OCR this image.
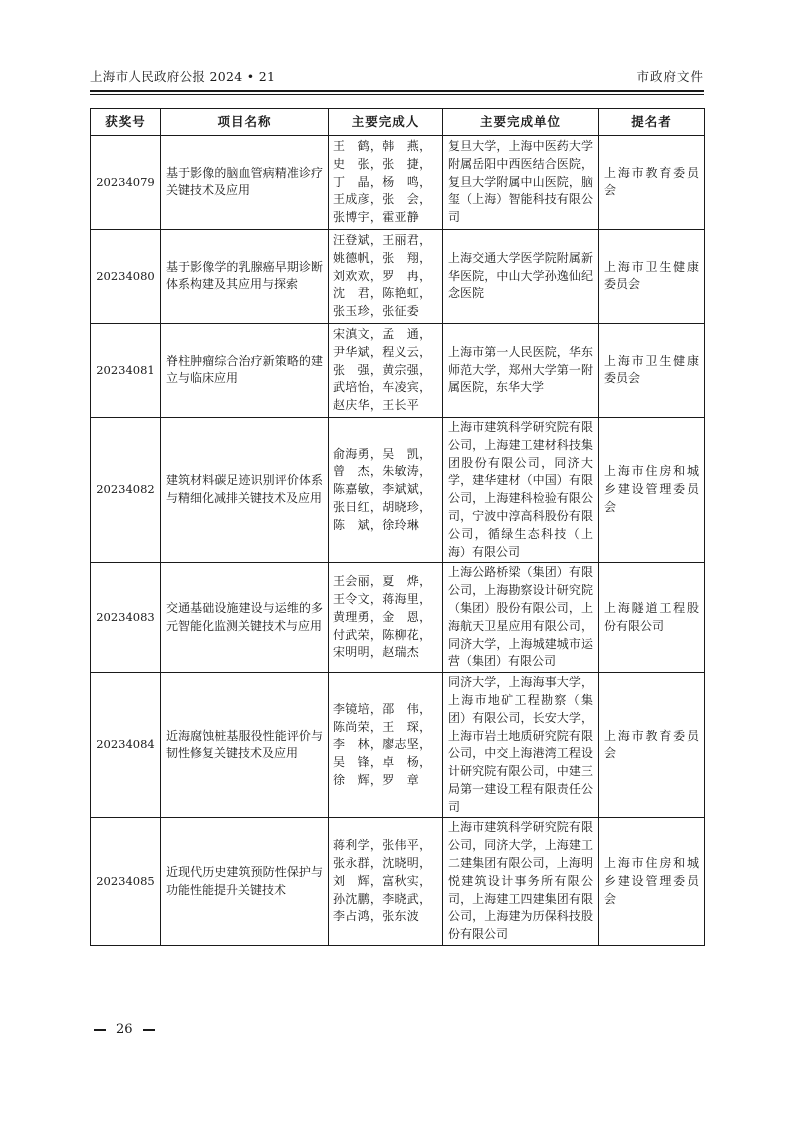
上海市人民政府公报 2024 • 21	市政府文件
获奖号	项目名称	主要完成人	主要完成单位	提名者
20234079	基于影像的脑血管病精准诊疗关键技术及应用	王　鹤，韩　燕，
史　张，张　捷，
丁　晶，杨　鸣，
王成彦，张　会，
张博宇，霍亚静	复旦大学，上海中医药大学附属岳阳中西医结合医院，复旦大学附属中山医院，脑玺（上海）智能科技有限公司	上海市教育委员会
20234080	基于影像学的乳腺癌早期诊断体系构建及其应用与探索	汪登斌，王丽君，
姚德帆，张　翔，
刘欢欢，罗　冉，
沈　君，陈艳虹，
张玉珍，张征委	上海交通大学医学院附属新华医院，中山大学孙逸仙纪念医院	上海市卫生健康委员会
20234081	脊柱肿瘤综合治疗新策略的建立与临床应用	宋滇文，孟　通，
尹华斌，程义云，
张　强，黄宗强，
武培怡，车凌宾，
赵庆华，王长平	上海市第一人民医院，华东师范大学，郑州大学第一附属医院，东华大学	上海市卫生健康委员会
20234082	建筑材料碳足迹识别评价体系与精细化减排关键技术及应用	俞海勇，吴　凯，
曾　杰，朱敏涛，
陈嘉敏，李斌斌，
张日红，胡晓珍，
陈　斌，徐玲琳	上海市建筑科学研究院有限公司，上海建工建材科技集团股份有限公司，同济大学，建华建材（中国）有限公司，上海建科检验有限公司，宁波中淳高科股份有限公司，循绿生态科技（上海）有限公司	上海市住房和城乡建设管理委员会
20234083	交通基础设施建设与运维的多元智能化监测关键技术与应用	王会丽，夏　烨，
王令文，蒋海里，
黄理勇，金　恩，
付武荣，陈柳花，
宋明明，赵瑞杰	上海公路桥梁（集团）有限公司，上海勘察设计研究院（集团）股份有限公司，上海航天卫星应用有限公司，同济大学，上海城建城市运营（集团）有限公司	上海隧道工程股份有限公司
20234084	近海腐蚀桩基服役性能评价与韧性修复关键技术及应用	李镜培，邵　伟，
陈尚荣，王　琛，
李　林，廖志坚，
吴　锋，卓　杨，
徐　辉，罗　章	同济大学，上海海事大学，上海市地矿工程勘察（集团）有限公司，长安大学，上海市岩土地质研究院有限公司，中交上海港湾工程设计研究院有限公司，中建三局第一建设工程有限责任公司	上海市教育委员会
20234085	近现代历史建筑预防性保护与功能性能提升关键技术	蒋利学，张伟平，
张永群，沈晓明，
刘　辉，富秋实，
孙沈鹏，李晓武，
李占鸿，张东波	上海市建筑科学研究院有限公司，同济大学，上海建工二建集团有限公司，上海明悦建筑设计事务所有限公司，上海建工四建集团有限公司，上海建为历保科技股份有限公司	上海市住房和城乡建设管理委员会
26
